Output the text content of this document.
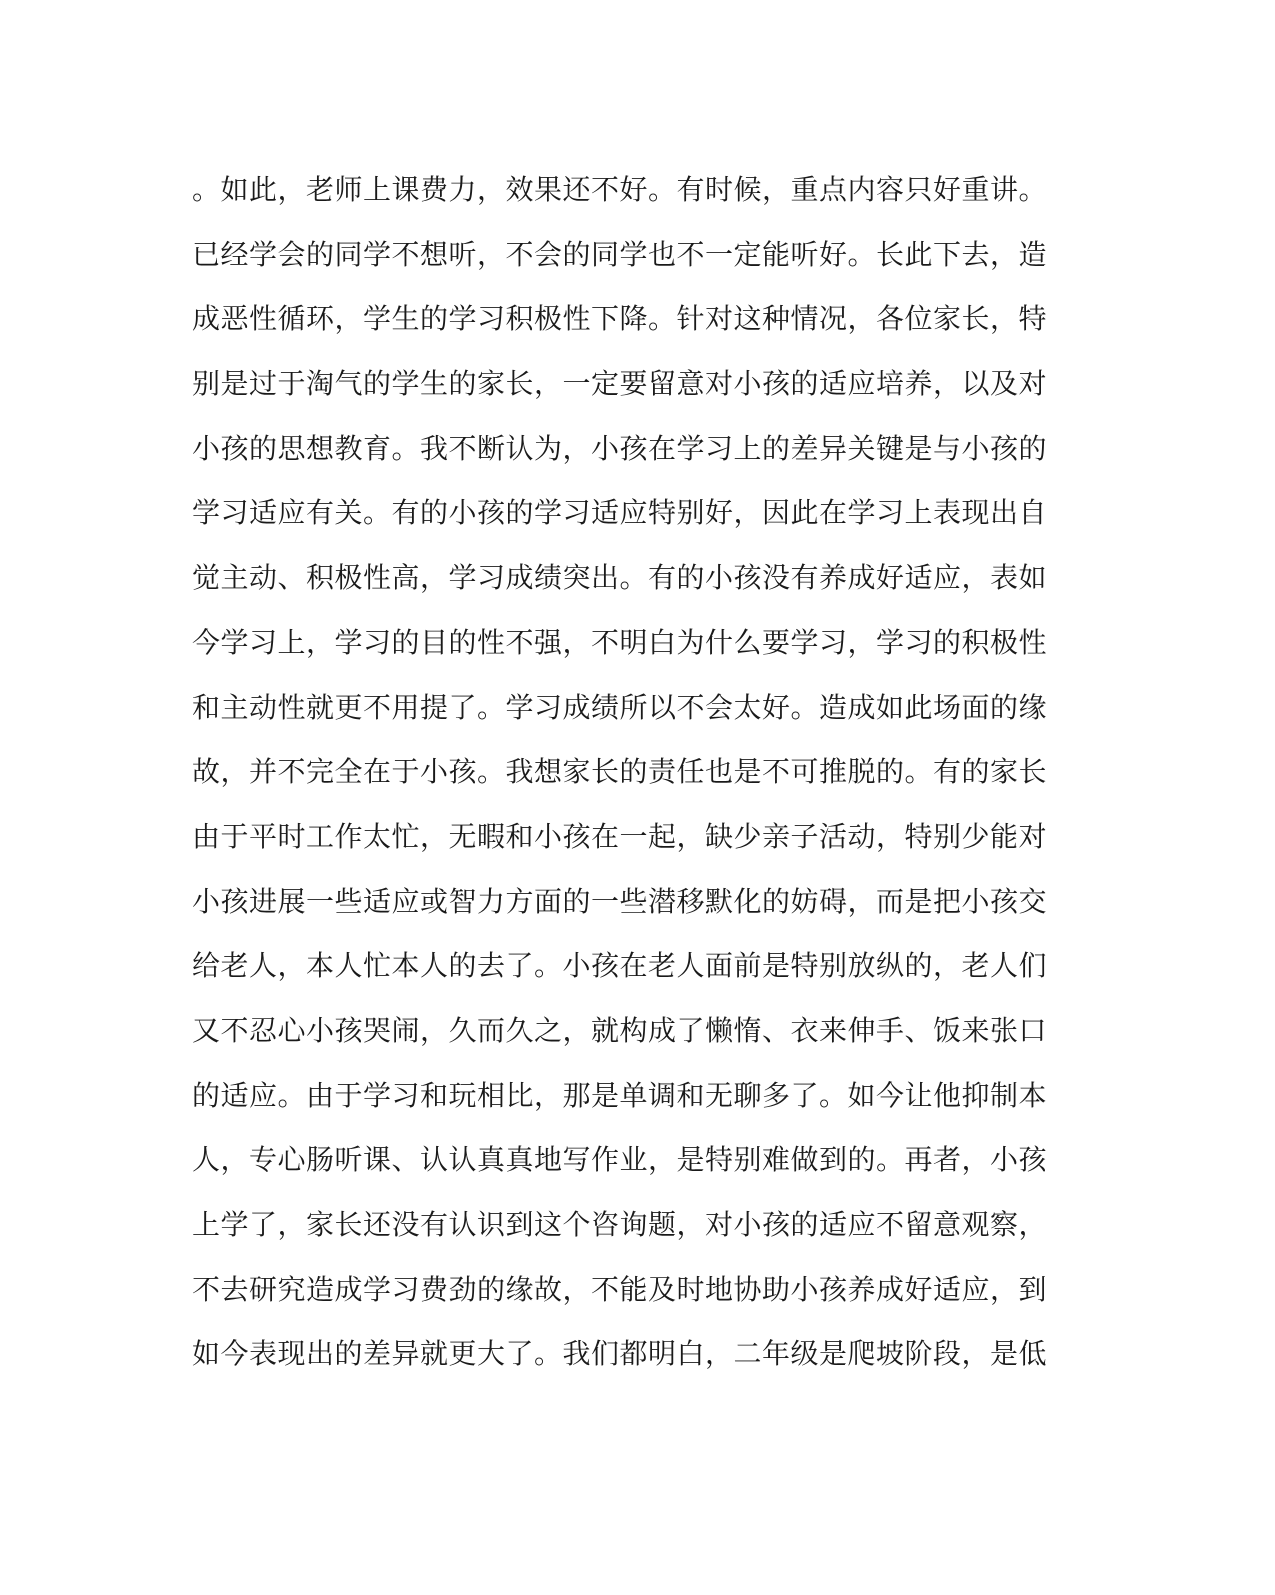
。如此，老师上课费力，效果还不好。有时候，重点内容只好重讲。
已经学会的同学不想听，不会的同学也不一定能听好。长此下去，造
成恶性循环，学生的学习积极性下降。针对这种情况，各位家长，特
别是过于淘气的学生的家长，一定要留意对小孩的适应培养，以及对
小孩的思想教育。我不断认为，小孩在学习上的差异关键是与小孩的
学习适应有关。有的小孩的学习适应特别好，因此在学习上表现出自
觉主动、积极性高，学习成绩突出。有的小孩没有养成好适应，表如
今学习上，学习的目的性不强，不明白为什么要学习，学习的积极性
和主动性就更不用提了。学习成绩所以不会太好。造成如此场面的缘
故，并不完全在于小孩。我想家长的责任也是不可推脱的。有的家长
由于平时工作太忙，无暇和小孩在一起，缺少亲子活动，特别少能对
小孩进展一些适应或智力方面的一些潜移默化的妨碍，而是把小孩交
给老人，本人忙本人的去了。小孩在老人面前是特别放纵的，老人们
又不忍心小孩哭闹，久而久之，就构成了懒惰、衣来伸手、饭来张口
的适应。由于学习和玩相比，那是单调和无聊多了。如今让他抑制本
人，专心肠听课、认认真真地写作业，是特别难做到的。再者，小孩
上学了，家长还没有认识到这个咨询题，对小孩的适应不留意观察，
不去研究造成学习费劲的缘故，不能及时地协助小孩养成好适应，到
如今表现出的差异就更大了。我们都明白，二年级是爬坡阶段，是低
